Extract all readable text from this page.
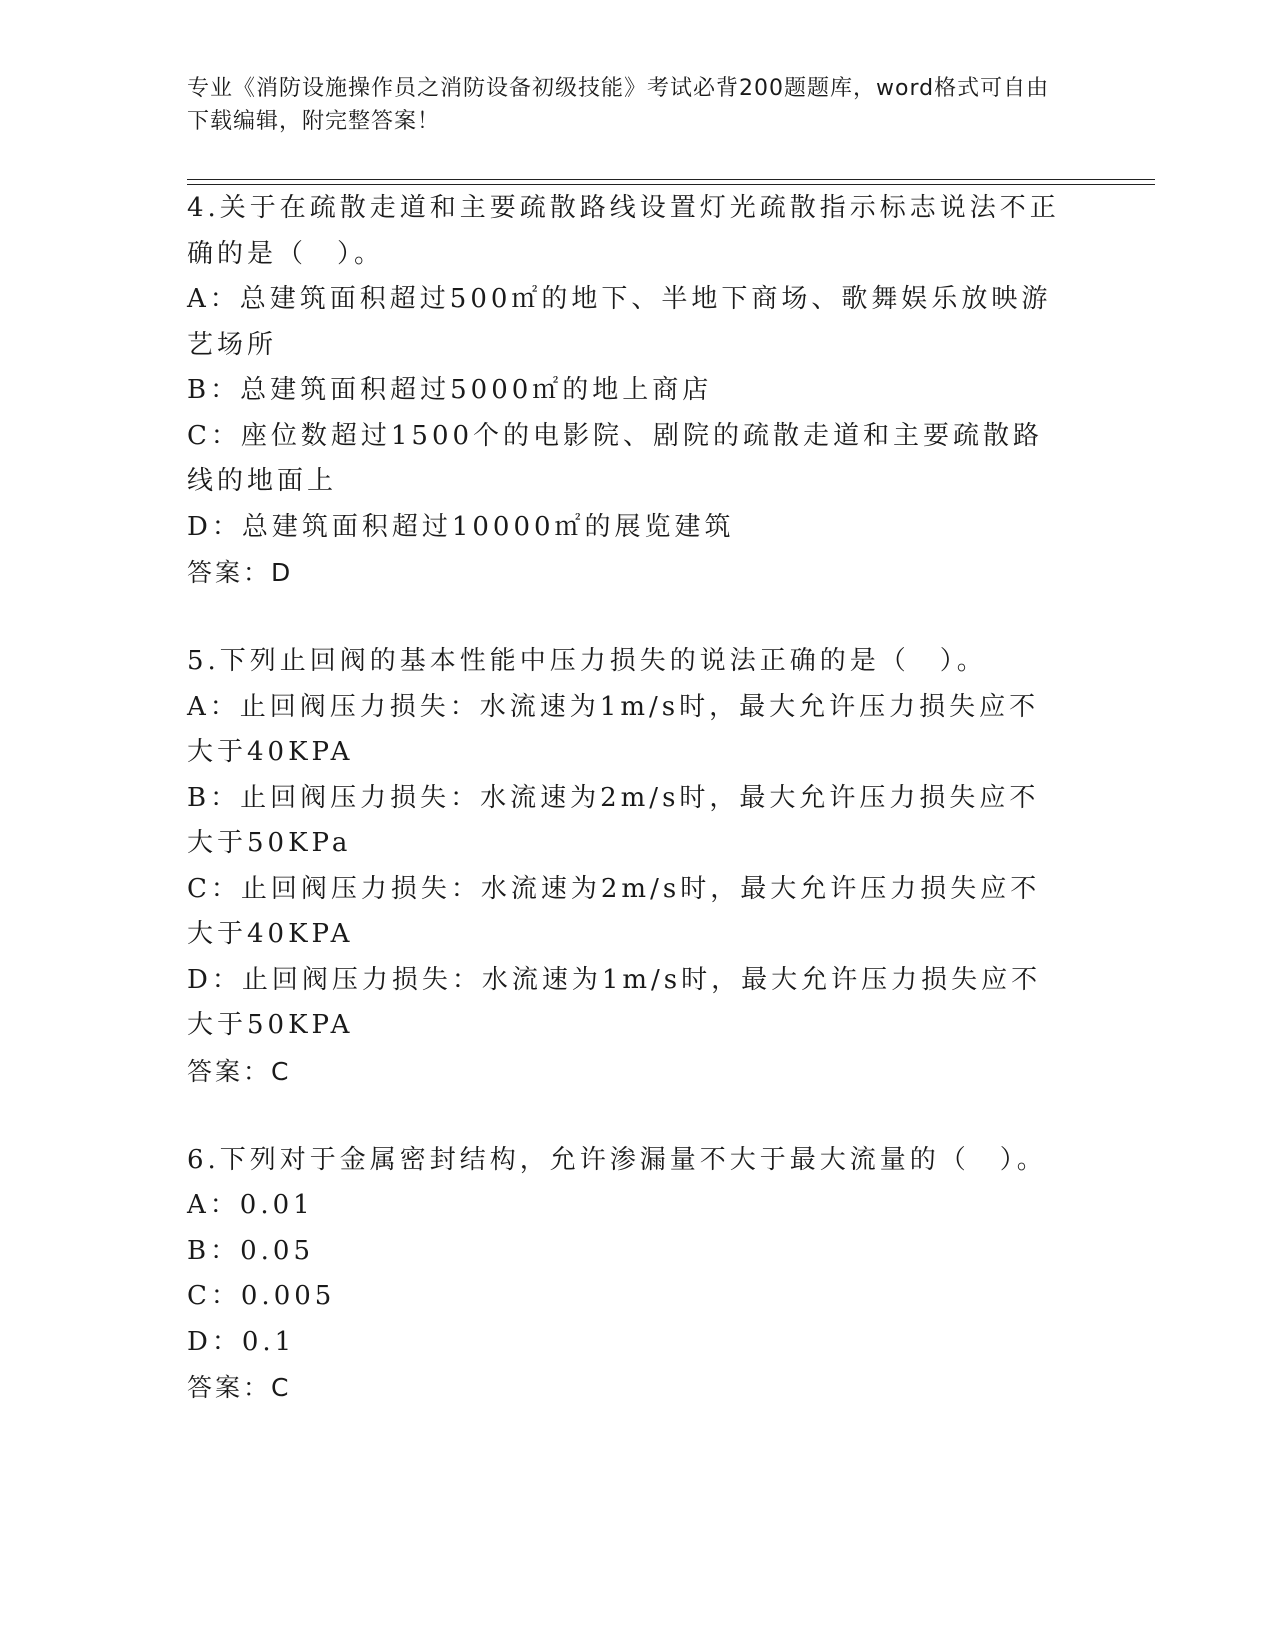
专业《消防设施操作员之消防设备初级技能》考试必背200题题库，word格式可自由下载编辑，附完整答案！
4.关于在疏散走道和主要疏散路线设置灯光疏散指示标志说法不正确的是（　）。
A：总建筑面积超过500㎡的地下、半地下商场、歌舞娱乐放映游艺场所
B：总建筑面积超过5000㎡的地上商店
C：座位数超过1500个的电影院、剧院的疏散走道和主要疏散路线的地面上
D：总建筑面积超过10000㎡的展览建筑
答案：D
5.下列止回阀的基本性能中压力损失的说法正确的是（　）。
A：止回阀压力损失：水流速为1m/s时，最大允许压力损失应不大于40KPA
B：止回阀压力损失：水流速为2m/s时，最大允许压力损失应不大于50KPa
C：止回阀压力损失：水流速为2m/s时，最大允许压力损失应不大于40KPA
D：止回阀压力损失：水流速为1m/s时，最大允许压力损失应不大于50KPA
答案：C
6.下列对于金属密封结构，允许渗漏量不大于最大流量的（　）。
A：0.01
B：0.05
C：0.005
D：0.1
答案：C
